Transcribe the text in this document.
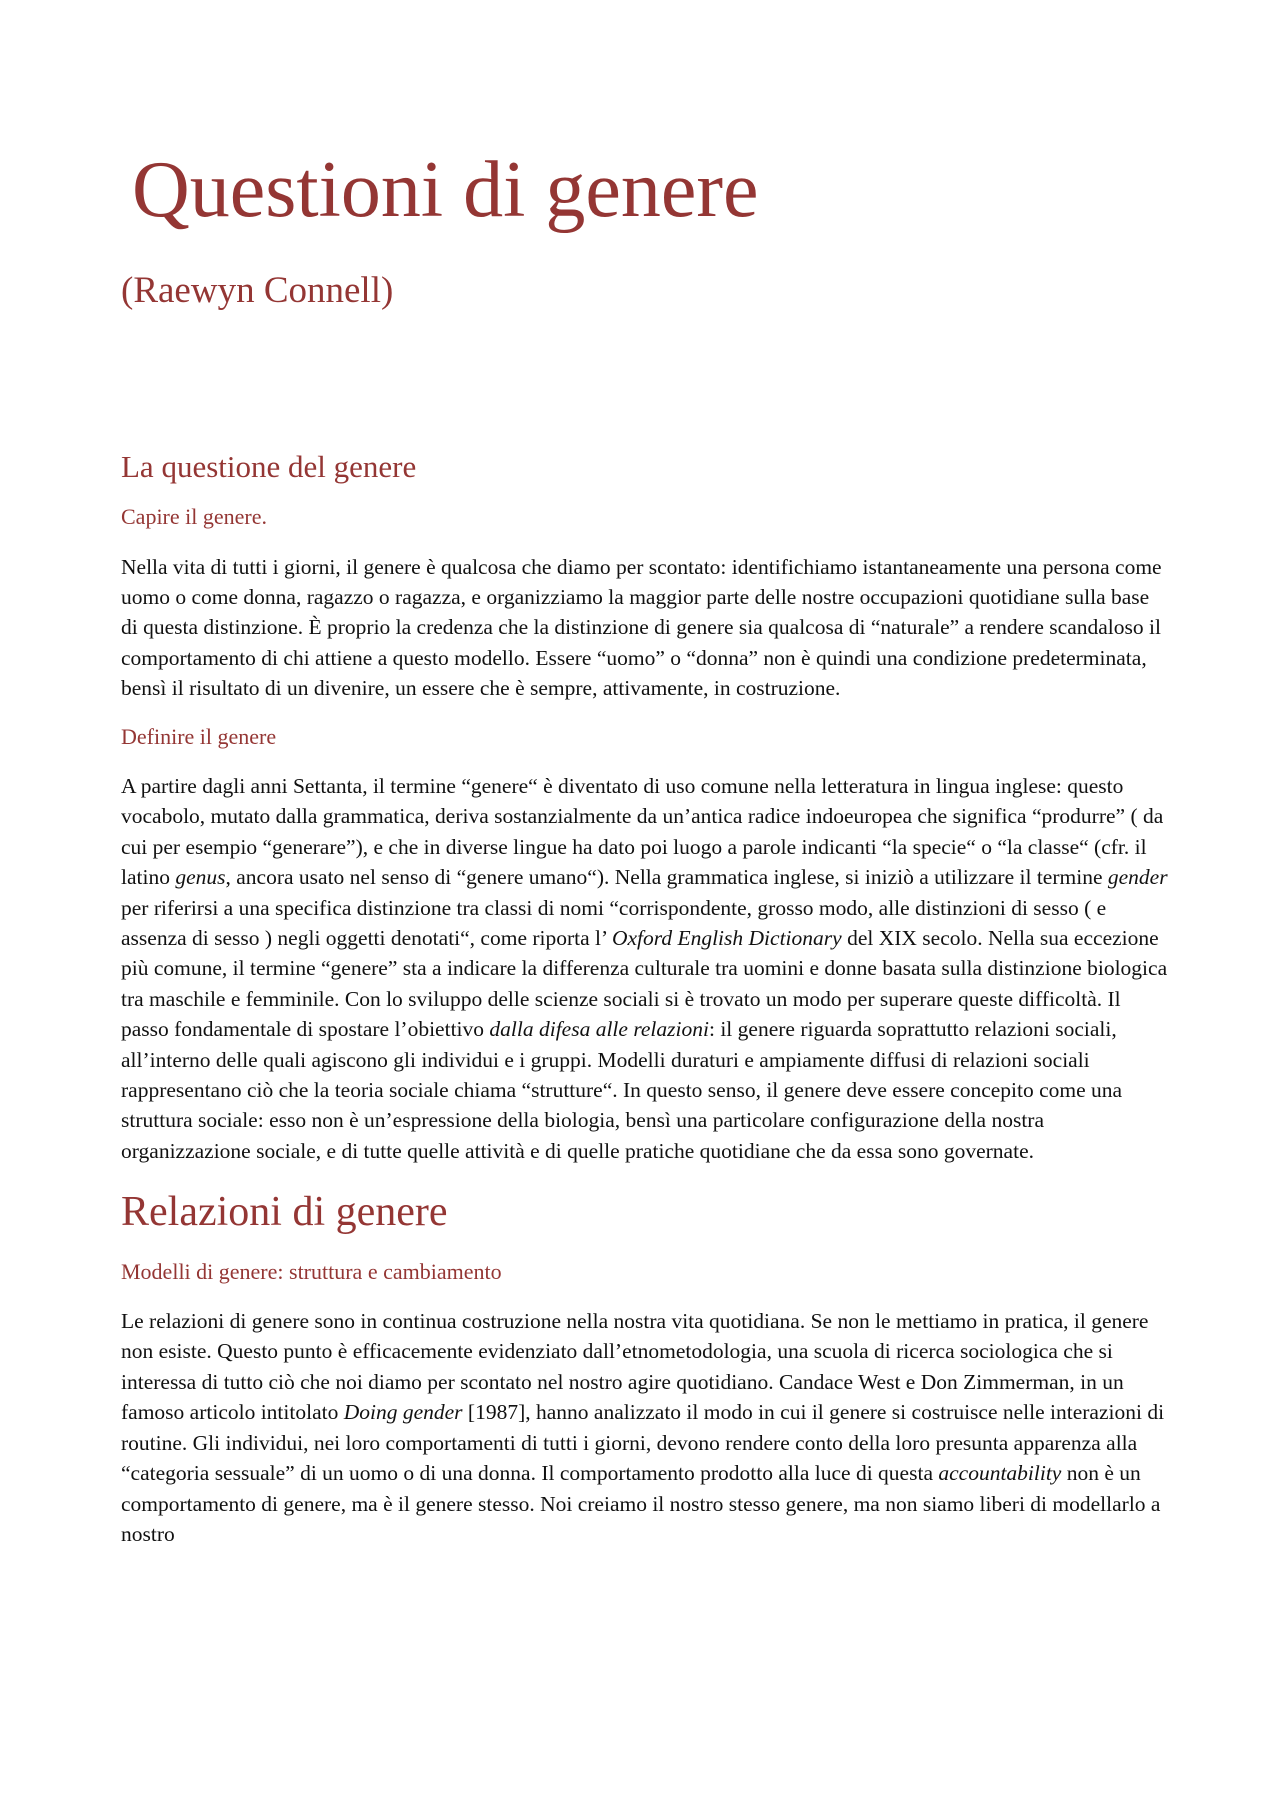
Questioni di genere
(Raewyn Connell)
La questione del genere
Capire il genere.

Nella vita di tutti i giorni, il genere è qualcosa che diamo per scontato: identifichiamo istantaneamente una persona come uomo o come donna, ragazzo o ragazza, e organizziamo la maggior parte delle nostre occupazioni quotidiane sulla base di questa distinzione. È proprio la credenza che la distinzione di genere sia qualcosa di “naturale” a rendere scandaloso il comportamento di chi attiene a questo modello. Essere “uomo” o “donna” non è quindi una condizione predeterminata, bensì il risultato di un divenire, un essere che è sempre, attivamente, in costruzione.

Definire il genere

A partire dagli anni Settanta, il termine “genere“ è diventato di uso comune nella letteratura in lingua inglese: questo vocabolo, mutato dalla grammatica, deriva sostanzialmente da un’antica radice indoeuropea che significa “produrre” ( da cui per esempio “generare”), e che in diverse lingue ha dato poi luogo a parole indicanti “la specie“ o “la classe“ (cfr. il latino genus, ancora usato nel senso di “genere umano“). Nella grammatica inglese, si iniziò a utilizzare il termine gender per riferirsi a una specifica distinzione tra classi di nomi “corrispondente, grosso modo, alle distinzioni di sesso ( e assenza di sesso ) negli oggetti denotati“, come riporta l’ Oxford English Dictionary del XIX secolo. Nella sua eccezione più comune, il termine “genere” sta a indicare la differenza culturale tra uomini e donne basata sulla distinzione biologica tra maschile e femminile. Con lo sviluppo delle scienze sociali si è trovato un modo per superare queste difficoltà. Il passo fondamentale di spostare l’obiettivo dalla difesa alle relazioni: il genere riguarda soprattutto relazioni sociali, all’interno delle quali agiscono gli individui e i gruppi. Modelli duraturi e ampiamente diffusi di relazioni sociali rappresentano ciò che la teoria sociale chiama “strutture“. In questo senso, il genere deve essere concepito come una struttura sociale: esso non è un’espressione della biologia, bensì una particolare configurazione della nostra organizzazione sociale, e di tutte quelle attività e di quelle pratiche quotidiane che da essa sono governate.

Relazioni di genere
Modelli di genere: struttura e cambiamento

Le relazioni di genere sono in continua costruzione nella nostra vita quotidiana. Se non le mettiamo in pratica, il genere non esiste. Questo punto è efficacemente evidenziato dall’etnometodologia, una scuola di ricerca sociologica che si interessa di tutto ciò che noi diamo per scontato nel nostro agire quotidiano. Candace West e Don Zimmerman, in un famoso articolo intitolato Doing gender [1987], hanno analizzato il modo in cui il genere si costruisce nelle interazioni di routine. Gli individui, nei loro comportamenti di tutti i giorni, devono rendere conto della loro presunta apparenza alla “categoria sessuale” di un uomo o di una donna. Il comportamento prodotto alla luce di questa accountability non è un comportamento di genere, ma è il genere stesso. Noi creiamo il nostro stesso genere, ma non siamo liberi di modellarlo a nostro
